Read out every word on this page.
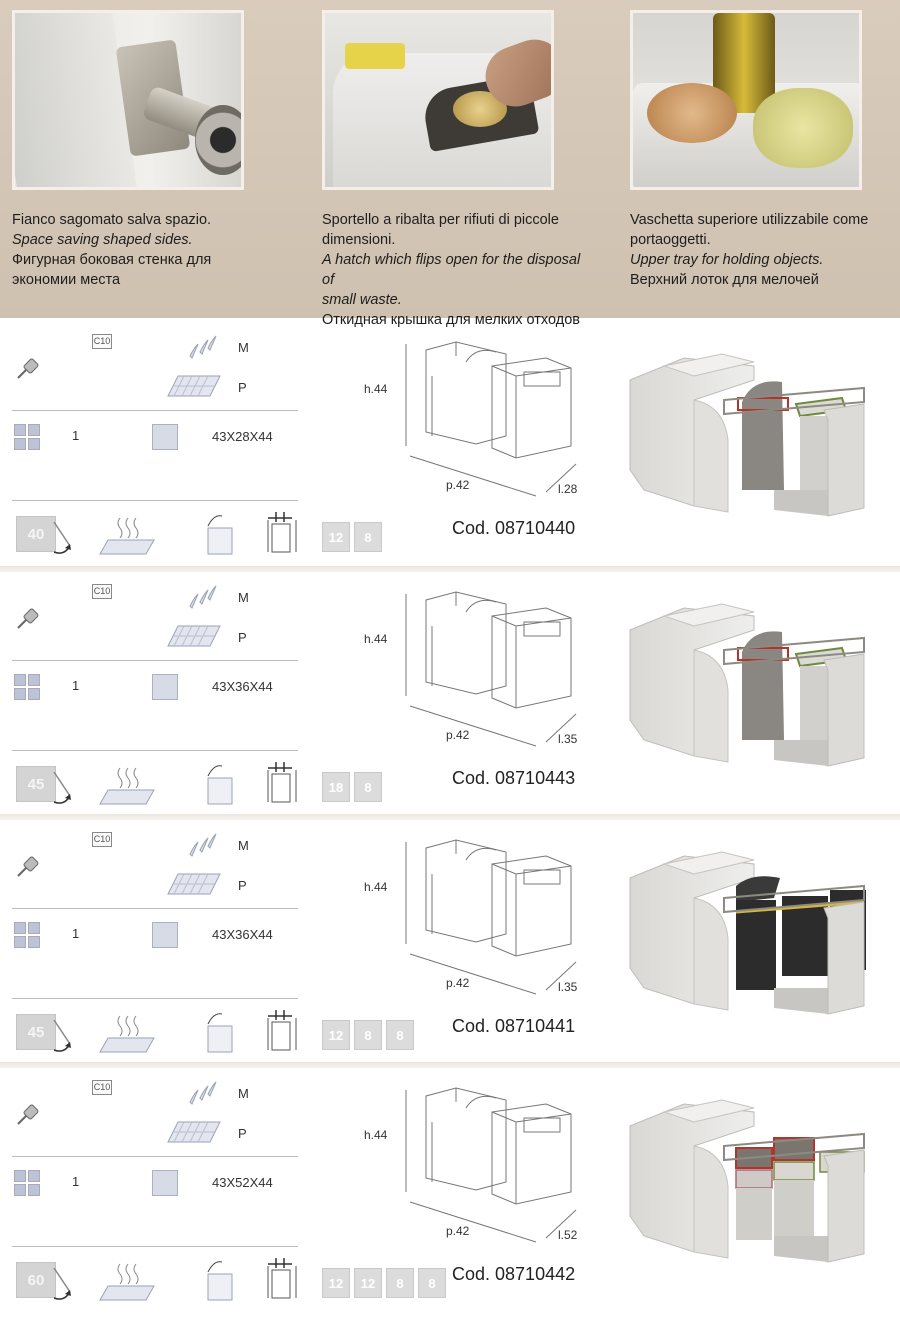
Fianco sagomato salva spazio.
Space saving shaped sides.
Фигурная боковая стенка для
экономии места
Sportello a ribalta per rifiuti di piccole
dimensioni.
A hatch which flips open for the disposal of
small waste.
Откидная крышка для мелких отходов
Vaschetta superiore utilizzabile come
portaoggetti.
Upper tray for holding objects.
Верхний лоток для мелочей
C10	M
P
1	43X28X44
40	12	8
h.44
p.42	l.28
Cod. 08710440
C10	M
P
1	43X36X44
45	18	8
h.44
p.42	l.35
Cod. 08710443
C10	M
P
1	43X36X44
45	12	8	8
h.44
p.42	l.35
Cod. 08710441
C10	M
P
1	43X52X44
60	12	12	8	8
h.44
p.42	l.52
Cod. 08710442
